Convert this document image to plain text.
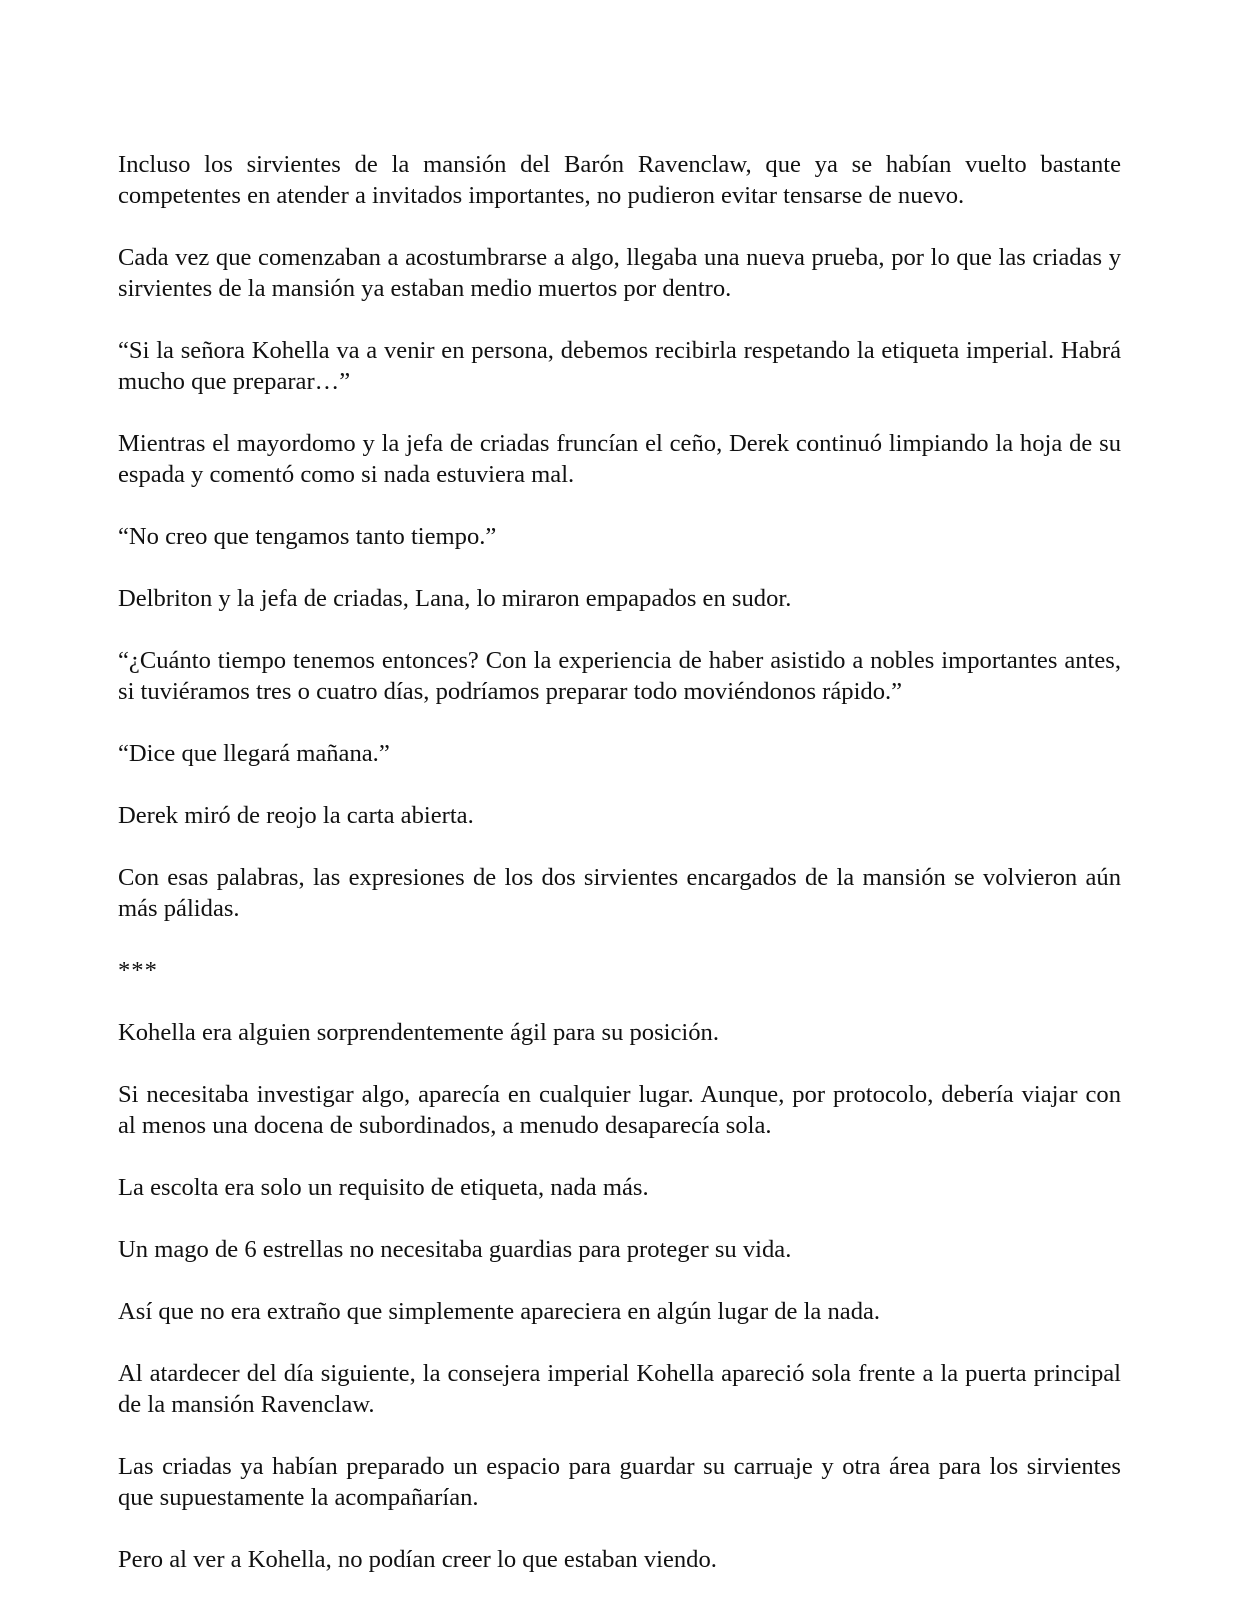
Incluso los sirvientes de la mansión del Barón Ravenclaw, que ya se habían vuelto bastante competentes en atender a invitados importantes, no pudieron evitar tensarse de nuevo.

Cada vez que comenzaban a acostumbrarse a algo, llegaba una nueva prueba, por lo que las criadas y sirvientes de la mansión ya estaban medio muertos por dentro.

“Si la señora Kohella va a venir en persona, debemos recibirla respetando la etiqueta imperial. Habrá mucho que preparar…”

Mientras el mayordomo y la jefa de criadas fruncían el ceño, Derek continuó limpiando la hoja de su espada y comentó como si nada estuviera mal.

“No creo que tengamos tanto tiempo.”

Delbriton y la jefa de criadas, Lana, lo miraron empapados en sudor.

“¿Cuánto tiempo tenemos entonces? Con la experiencia de haber asistido a nobles importantes antes, si tuviéramos tres o cuatro días, podríamos preparar todo moviéndonos rápido.”

“Dice que llegará mañana.”

Derek miró de reojo la carta abierta.

Con esas palabras, las expresiones de los dos sirvientes encargados de la mansión se volvieron aún más pálidas.

***

Kohella era alguien sorprendentemente ágil para su posición.

Si necesitaba investigar algo, aparecía en cualquier lugar. Aunque, por protocolo, debería viajar con al menos una docena de subordinados, a menudo desaparecía sola.

La escolta era solo un requisito de etiqueta, nada más.

Un mago de 6 estrellas no necesitaba guardias para proteger su vida.

Así que no era extraño que simplemente apareciera en algún lugar de la nada.

Al atardecer del día siguiente, la consejera imperial Kohella apareció sola frente a la puerta principal de la mansión Ravenclaw.

Las criadas ya habían preparado un espacio para guardar su carruaje y otra área para los sirvientes que supuestamente la acompañarían.

Pero al ver a Kohella, no podían creer lo que estaban viendo.
